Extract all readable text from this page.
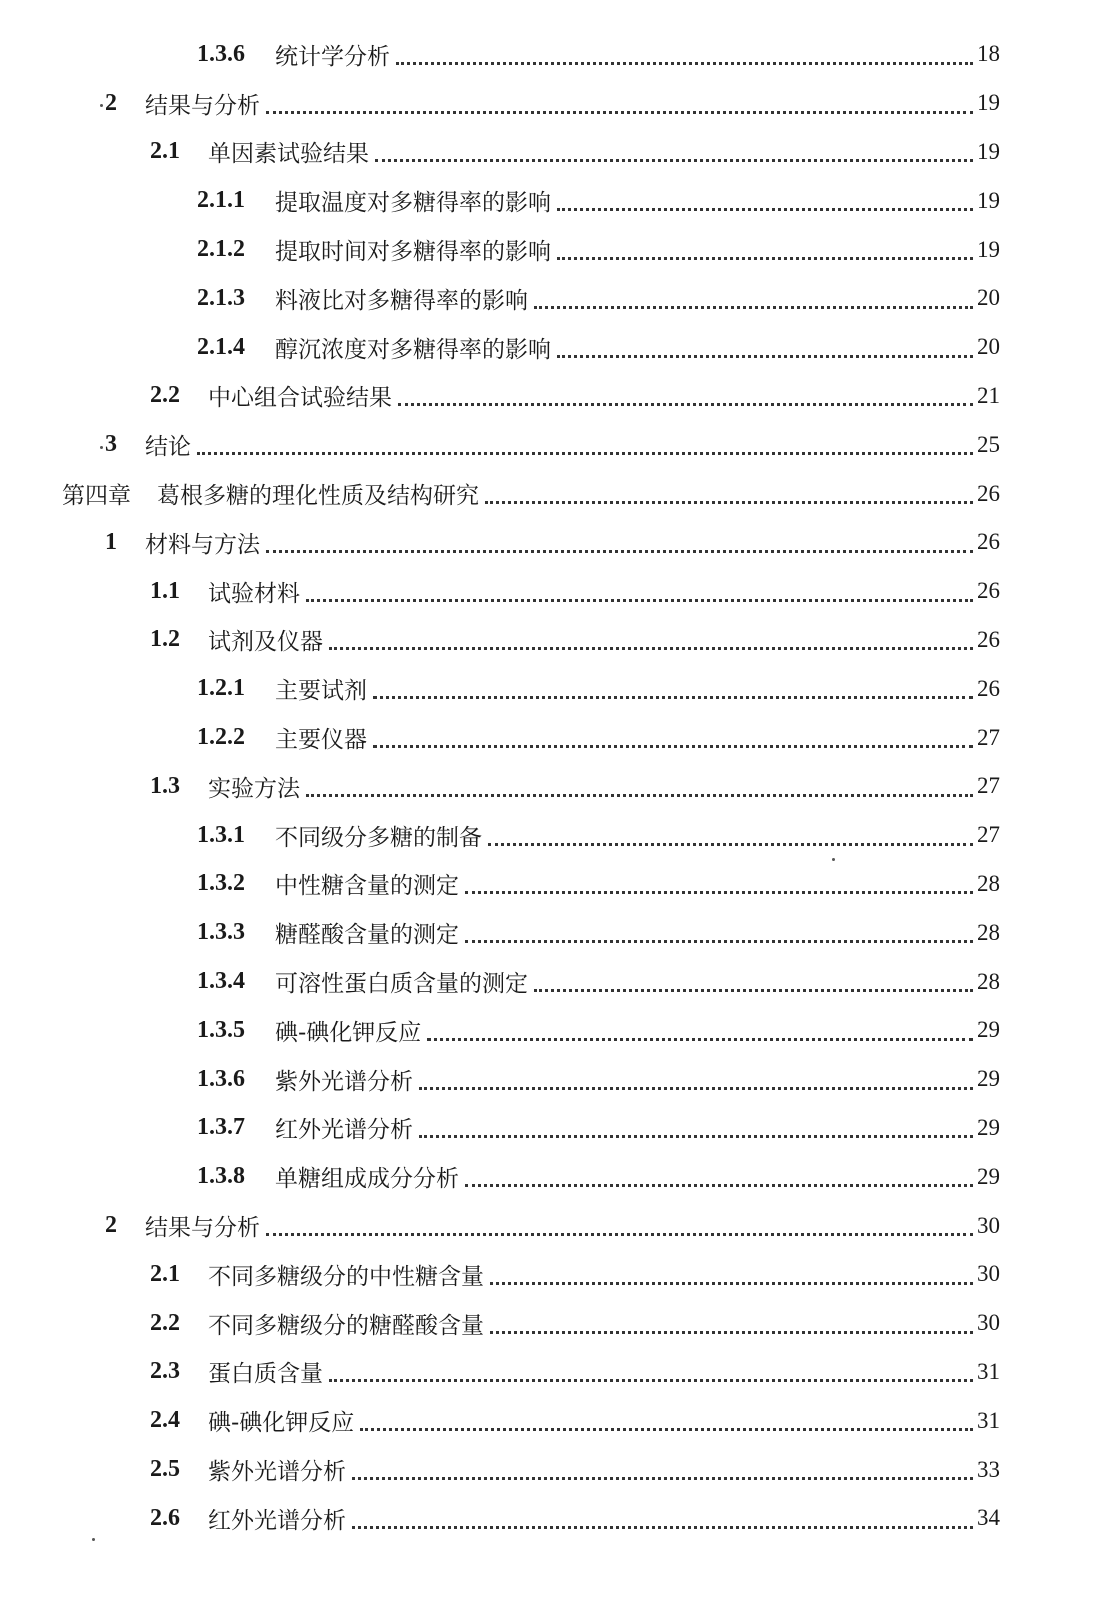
1.3.6	统计学分析	18
2	结果与分析	19
2.1	单因素试验结果	19
2.1.1	提取温度对多糖得率的影响	19
2.1.2	提取时间对多糖得率的影响	19
2.1.3	料液比对多糖得率的影响	20
2.1.4	醇沉浓度对多糖得率的影响	20
2.2	中心组合试验结果	21
3	结论	25
第四章 葛根多糖的理化性质及结构研究	26
1	材料与方法	26
1.1	试验材料	26
1.2	试剂及仪器	26
1.2.1	主要试剂	26
1.2.2	主要仪器	27
1.3	实验方法	27
1.3.1	不同级分多糖的制备	27
1.3.2	中性糖含量的测定	28
1.3.3	糖醛酸含量的测定	28
1.3.4	可溶性蛋白质含量的测定	28
1.3.5	碘-碘化钾反应	29
1.3.6	紫外光谱分析	29
1.3.7	红外光谱分析	29
1.3.8	单糖组成成分分析	29
2	结果与分析	30
2.1	不同多糖级分的中性糖含量	30
2.2	不同多糖级分的糖醛酸含量	30
2.3	蛋白质含量	31
2.4	碘-碘化钾反应	31
2.5	紫外光谱分析	33
2.6	红外光谱分析	34
